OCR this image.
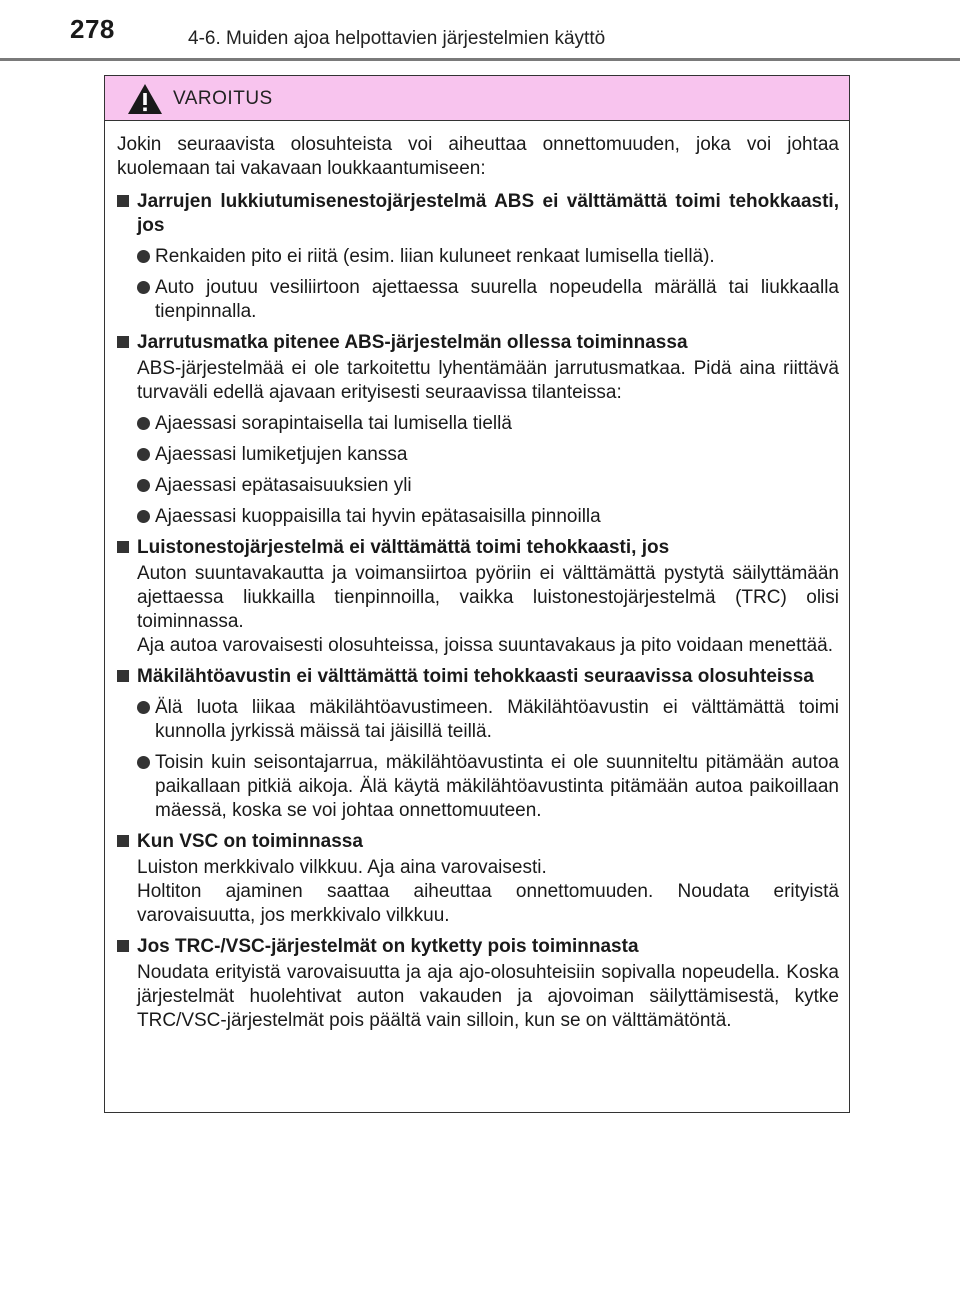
278	4-6. Muiden ajoa helpottavien järjestelmien käyttö
VAROITUS

Jokin seuraavista olosuhteista voi aiheuttaa onnettomuuden, joka voi johtaa kuolemaan tai vakavaan loukkaantumiseen:

Jarrujen lukkiutumisenestojärjestelmä ABS ei välttämättä toimi tehokkaasti, jos

Renkaiden pito ei riitä (esim. liian kuluneet renkaat lumisella tiellä).

Auto joutuu vesiliirtoon ajettaessa suurella nopeudella märällä tai liukkaalla tienpinnalla.

Jarrutusmatka pitenee ABS-järjestelmän ollessa toiminnassa

ABS-järjestelmää ei ole tarkoitettu lyhentämään jarrutusmatkaa. Pidä aina riittävä turvaväli edellä ajavaan erityisesti seuraavissa tilanteissa:

Ajaessasi sorapintaisella tai lumisella tiellä

Ajaessasi lumiketjujen kanssa

Ajaessasi epätasaisuuksien yli

Ajaessasi kuoppaisilla tai hyvin epätasaisilla pinnoilla

Luistonestojärjestelmä ei välttämättä toimi tehokkaasti, jos

Auton suuntavakautta ja voimansiirtoa pyöriin ei välttämättä pystytä säilyttämään ajettaessa liukkailla tienpinnoilla, vaikka luistonestojärjestelmä (TRC) olisi toiminnassa.

Aja autoa varovaisesti olosuhteissa, joissa suuntavakaus ja pito voidaan menettää.

Mäkilähtöavustin ei välttämättä toimi tehokkaasti seuraavissa olosuhteissa

Älä luota liikaa mäkilähtöavustimeen. Mäkilähtöavustin ei välttämättä toimi kunnolla jyrkissä mäissä tai jäisillä teillä.

Toisin kuin seisontajarrua, mäkilähtöavustinta ei ole suunniteltu pitämään autoa paikallaan pitkiä aikoja. Älä käytä mäkilähtöavustinta pitämään autoa paikoillaan mäessä, koska se voi johtaa onnettomuuteen.

Kun VSC on toiminnassa

Luiston merkkivalo vilkkuu. Aja aina varovaisesti.

Holtiton ajaminen saattaa aiheuttaa onnettomuuden. Noudata erityistä varovaisuutta, jos merkkivalo vilkkuu.

Jos TRC-/VSC-järjestelmät on kytketty pois toiminnasta

Noudata erityistä varovaisuutta ja aja ajo-olosuhteisiin sopivalla nopeudella. Koska järjestelmät huolehtivat auton vakauden ja ajovoiman säilyttämisestä, kytke TRC/VSC-järjestelmät pois päältä vain silloin, kun se on välttämätöntä.
